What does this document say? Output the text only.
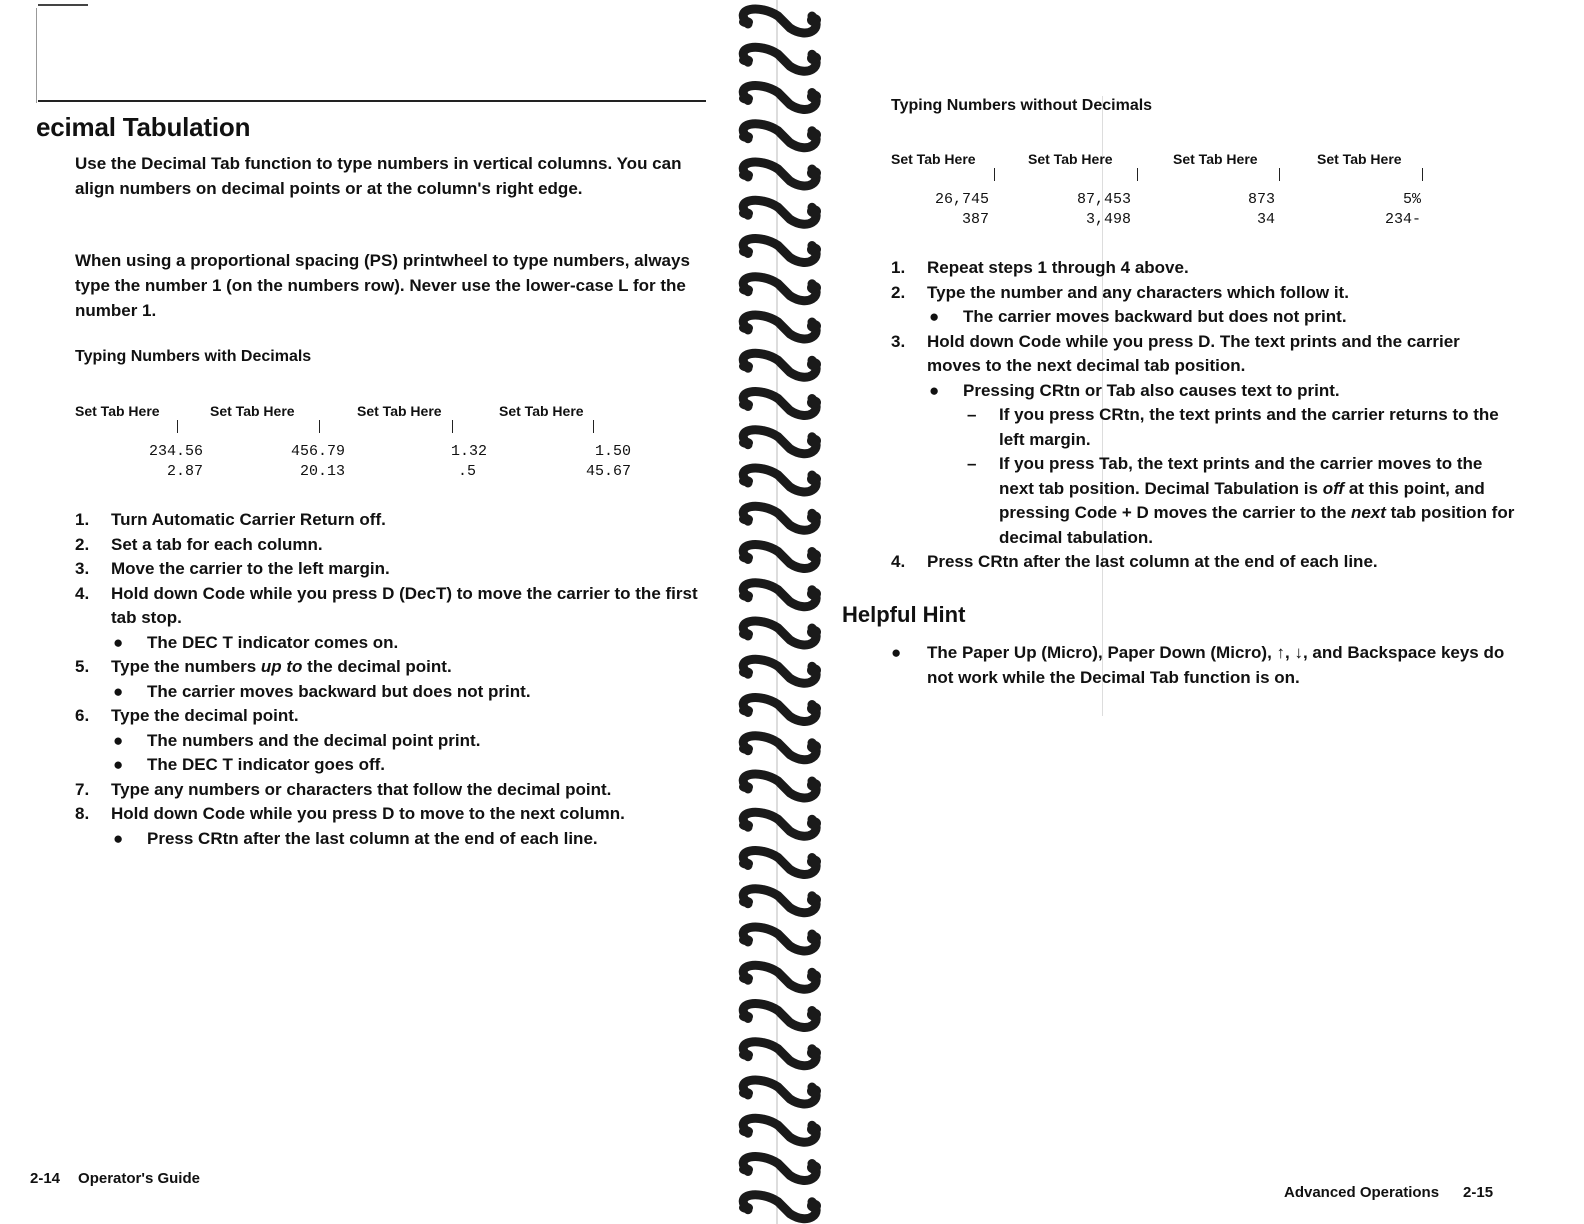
ecimal Tabulation

Use the Decimal Tab function to type numbers in vertical columns. You can align numbers on decimal points or at the column's right edge.

When using a proportional spacing (PS) printwheel to type numbers, always type the number 1 (on the numbers row). Never use the lower-case L for the number 1.

Typing Numbers with Decimals
Set Tab Here	Set Tab Here	Set Tab Here	Set Tab Here
234.56	456.79	1.32	1.50
2.87	20.13	.5	45.67
1. Turn Automatic Carrier Return off.
2. Set a tab for each column.
3. Move the carrier to the left margin.
4. Hold down Code while you press D (DecT) to move the carrier to the first tab stop.
● The DEC T indicator comes on.
5. Type the numbers up to the decimal point.
● The carrier moves backward but does not print.
6. Type the decimal point.
● The numbers and the decimal point print.
● The DEC T indicator goes off.
7. Type any numbers or characters that follow the decimal point.
8. Hold down Code while you press D to move to the next column.
● Press CRtn after the last column at the end of each line.
2-14 Operator's Guide
Typing Numbers without Decimals
Set Tab Here	Set Tab Here	Set Tab Here	Set Tab Here
26,745	87,453	873	5%
387	3,498	34	234-
1. Repeat steps 1 through 4 above.
2. Type the number and any characters which follow it.
● The carrier moves backward but does not print.
3. Hold down Code while you press D. The text prints and the carrier moves to the next decimal tab position.
● Pressing CRtn or Tab also causes text to print.
– If you press CRtn, the text prints and the carrier returns to the left margin.
– If you press Tab, the text prints and the carrier moves to the next tab position. Decimal Tabulation is off at this point, and pressing Code + D moves the carrier to the next tab position for decimal tabulation.
4. Press CRtn after the last column at the end of each line.
Helpful Hint
● The Paper Up (Micro), Paper Down (Micro), ↑, ↓, and Backspace keys do not work while the Decimal Tab function is on.
Advanced Operations 2-15
